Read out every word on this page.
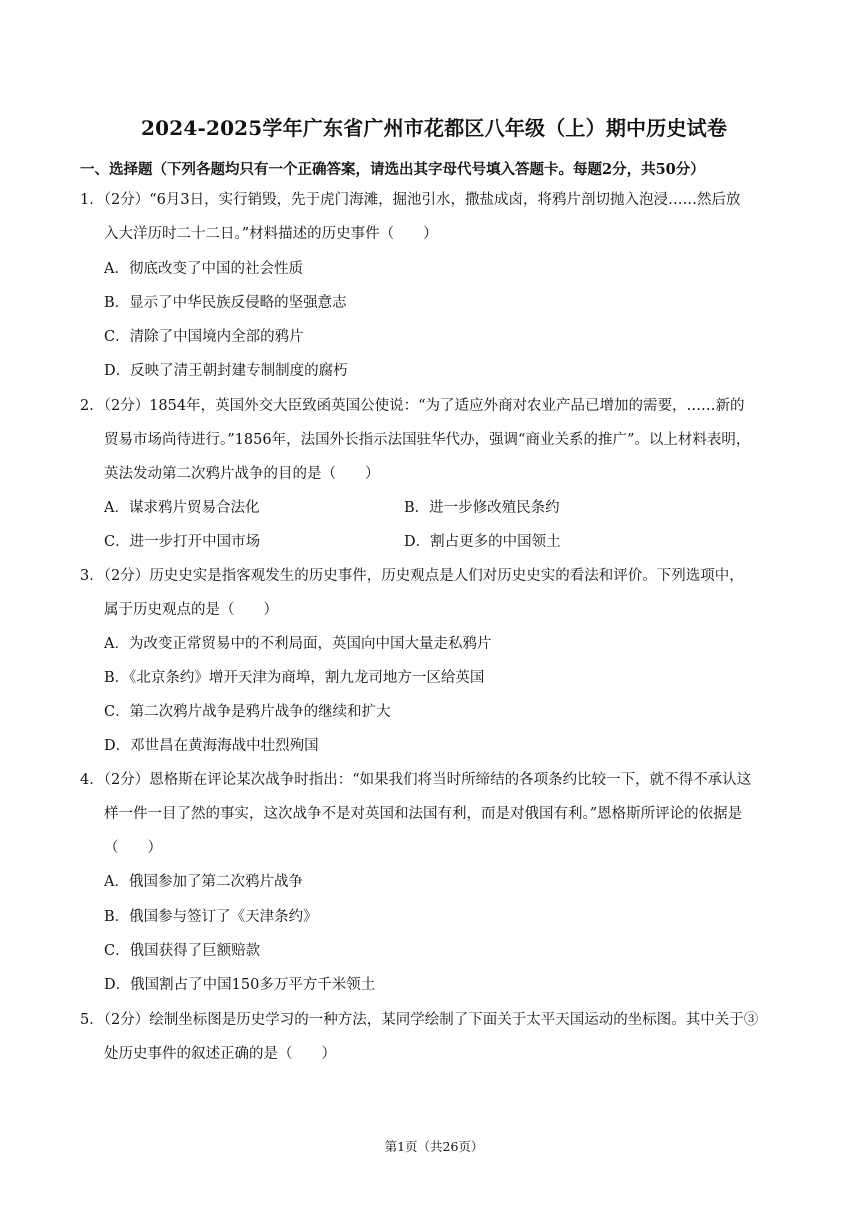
2024-2025学年广东省广州市花都区八年级（上）期中历史试卷
一、选择题（下列各题均只有一个正确答案，请选出其字母代号填入答题卡。每题2分，共50分）
1．（2分）“6月3日，实行销毁，先于虎门海滩，掘池引水，撒盐成卤，将鸦片剖切抛入泡浸……然后放
入大洋历时二十二日。”材料描述的历史事件（　　）
A．彻底改变了中国的社会性质
B．显示了中华民族反侵略的坚强意志
C．清除了中国境内全部的鸦片
D．反映了清王朝封建专制制度的腐朽
2．（2分）1854年，英国外交大臣致函英国公使说：“为了适应外商对农业产品已增加的需要，……新的
贸易市场尚待进行。”1856年，法国外长指示法国驻华代办，强调“商业关系的推广”。以上材料表明，
英法发动第二次鸦片战争的目的是（　　）
A．谋求鸦片贸易合法化	B．进一步修改殖民条约
C．进一步打开中国市场	D．割占更多的中国领土
3．（2分）历史史实是指客观发生的历史事件，历史观点是人们对历史史实的看法和评价。下列选项中，
属于历史观点的是（　　）
A．为改变正常贸易中的不利局面，英国向中国大量走私鸦片
B．《北京条约》增开天津为商埠，割九龙司地方一区给英国
C．第二次鸦片战争是鸦片战争的继续和扩大
D．邓世昌在黄海海战中壮烈殉国
4．（2分）恩格斯在评论某次战争时指出：“如果我们将当时所缔结的各项条约比较一下，就不得不承认这
样一件一目了然的事实，这次战争不是对英国和法国有利，而是对俄国有利。”恩格斯所评论的依据是
（　　）
A．俄国参加了第二次鸦片战争
B．俄国参与签订了《天津条约》
C．俄国获得了巨额赔款
D．俄国割占了中国150多万平方千米领土
5．（2分）绘制坐标图是历史学习的一种方法，某同学绘制了下面关于太平天国运动的坐标图。其中关于③
处历史事件的叙述正确的是（　　）
第1页（共26页）
